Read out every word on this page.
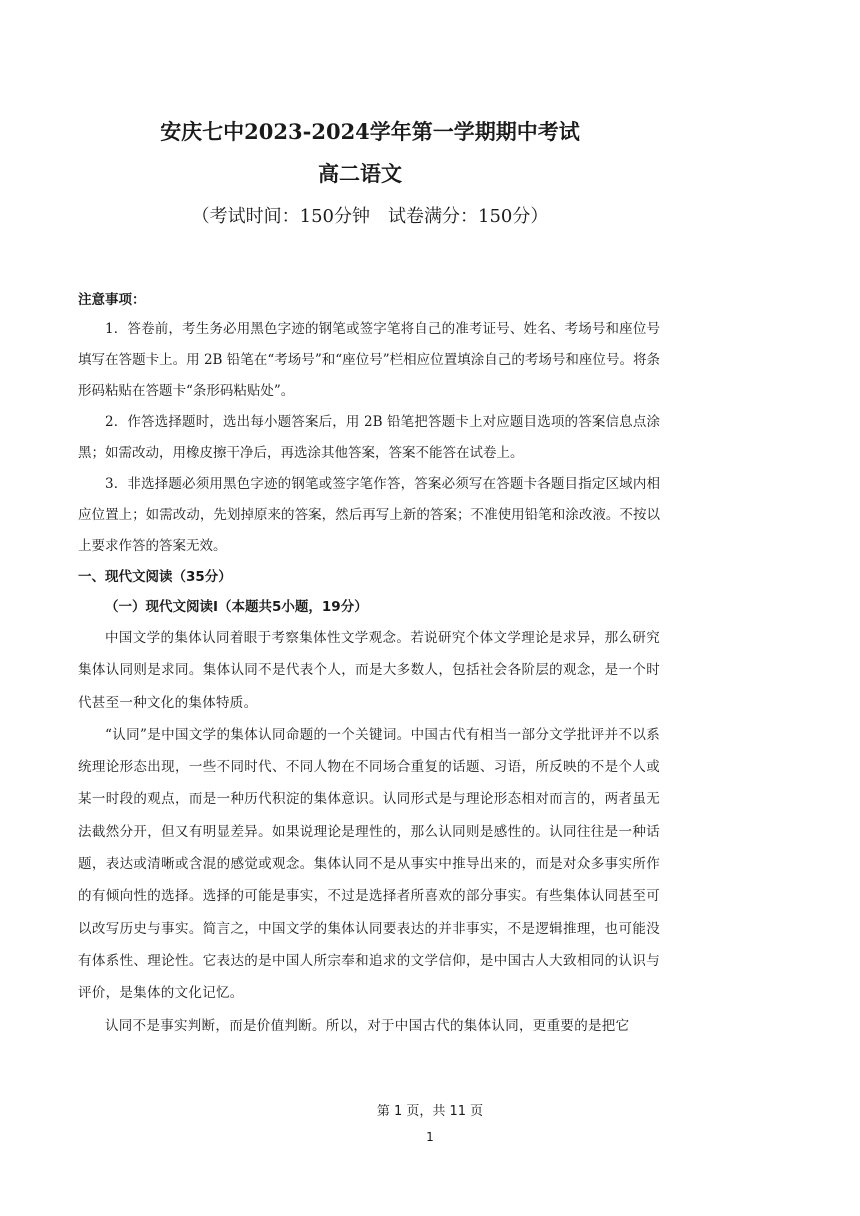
安庆七中2023-2024学年第一学期期中考试
高二语文
（考试时间：150分钟　试卷满分：150分）
注意事项：
1．答卷前，考生务必用黑色字迹的钢笔或签字笔将自己的准考证号、姓名、考场号和座位号填写在答题卡上。用 2B 铅笔在“考场号”和“座位号”栏相应位置填涂自己的考场号和座位号。将条形码粘贴在答题卡“条形码粘贴处”。
2．作答选择题时，选出每小题答案后，用 2B 铅笔把答题卡上对应题目选项的答案信息点涂黑；如需改动，用橡皮擦干净后，再选涂其他答案，答案不能答在试卷上。
3．非选择题必须用黑色字迹的钢笔或签字笔作答，答案必须写在答题卡各题目指定区域内相应位置上；如需改动，先划掉原来的答案，然后再写上新的答案；不准使用铅笔和涂改液。不按以上要求作答的答案无效。
一、现代文阅读（35分）
（一）现代文阅读Ⅰ（本题共5小题，19分）
中国文学的集体认同着眼于考察集体性文学观念。若说研究个体文学理论是求异，那么研究集体认同则是求同。集体认同不是代表个人，而是大多数人，包括社会各阶层的观念，是一个时代甚至一种文化的集体特质。
“认同”是中国文学的集体认同命题的一个关键词。中国古代有相当一部分文学批评并不以系统理论形态出现，一些不同时代、不同人物在不同场合重复的话题、习语，所反映的不是个人或某一时段的观点，而是一种历代积淀的集体意识。认同形式是与理论形态相对而言的，两者虽无法截然分开，但又有明显差异。如果说理论是理性的，那么认同则是感性的。认同往往是一种话题，表达或清晰或含混的感觉或观念。集体认同不是从事实中推导出来的，而是对众多事实所作的有倾向性的选择。选择的可能是事实，不过是选择者所喜欢的部分事实。有些集体认同甚至可以改写历史与事实。简言之，中国文学的集体认同要表达的并非事实，不是逻辑推理，也可能没有体系性、理论性。它表达的是中国人所宗奉和追求的文学信仰，是中国古人大致相同的认识与评价，是集体的文化记忆。
认同不是事实判断，而是价值判断。所以，对于中国古代的集体认同，更重要的是把它
第 1 页，共 11 页
1
